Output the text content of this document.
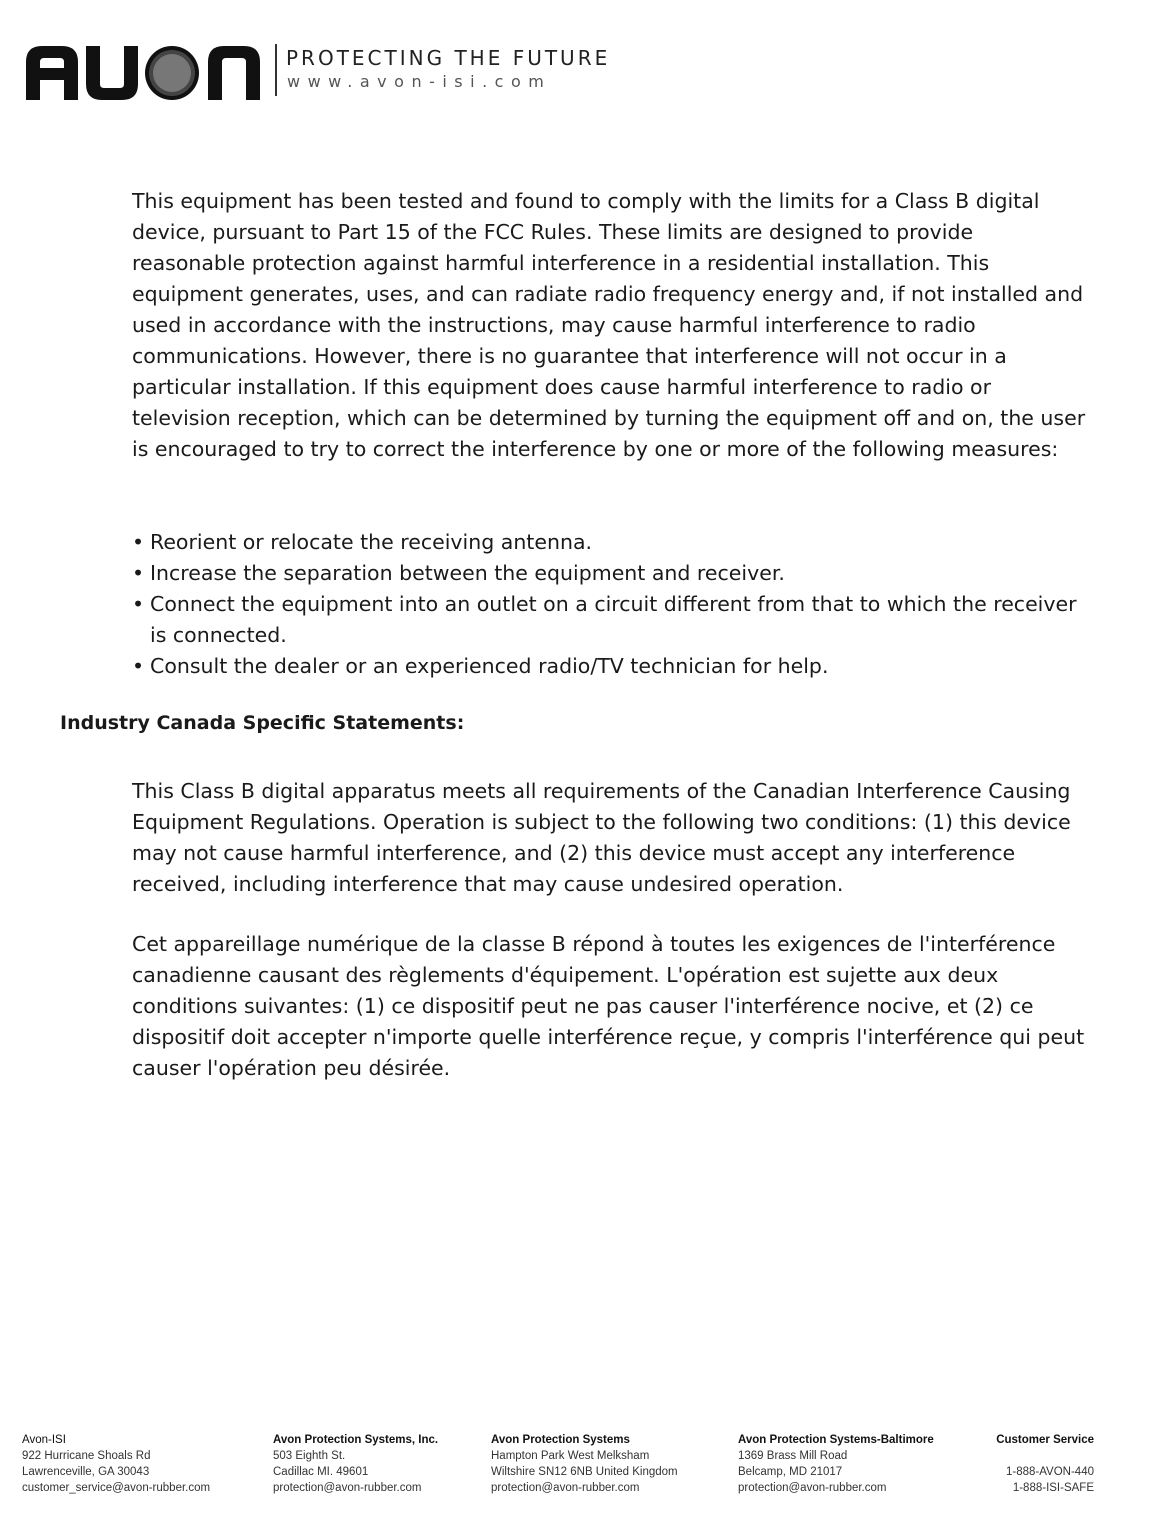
PROTECTING THE FUTURE
www.avon-isi.com

This equipment has been tested and found to comply with the limits for a Class B digital device, pursuant to Part 15 of the FCC Rules. These limits are designed to provide reasonable protection against harmful interference in a residential installation. This equipment generates, uses, and can radiate radio frequency energy and, if not installed and used in accordance with the instructions, may cause harmful interference to radio communications. However, there is no guarantee that interference will not occur in a particular installation. If this equipment does cause harmful interference to radio or television reception, which can be determined by turning the equipment off and on, the user is encouraged to try to correct the interference by one or more of the following measures:

• Reorient or relocate the receiving antenna.
• Increase the separation between the equipment and receiver.
• Connect the equipment into an outlet on a circuit different from that to which the receiver is connected.
• Consult the dealer or an experienced radio/TV technician for help.
Industry Canada Specific Statements:

This Class B digital apparatus meets all requirements of the Canadian Interference Causing Equipment Regulations. Operation is subject to the following two conditions: (1) this device may not cause harmful interference, and (2) this device must accept any interference received, including interference that may cause undesired operation.

Cet appareillage numérique de la classe B répond à toutes les exigences de l'interférence canadienne causant des règlements d'équipement. L'opération est sujette aux deux conditions suivantes: (1) ce dispositif peut ne pas causer l'interférence nocive, et (2) ce dispositif doit accepter n'importe quelle interférence reçue, y compris l'interférence qui peut causer l'opération peu désirée.

Avon-ISI
922 Hurricane Shoals Rd
Lawrenceville, GA 30043
customer_service@avon-rubber.com
Avon Protection Systems, Inc.
503 Eighth St.
Cadillac MI. 49601
protection@avon-rubber.com
Avon Protection Systems
Hampton Park West Melksham
Wiltshire SN12 6NB United Kingdom
protection@avon-rubber.com
Avon Protection Systems-Baltimore
1369 Brass Mill Road
Belcamp, MD 21017
protection@avon-rubber.com
Customer Service
1-888-AVON-440
1-888-ISI-SAFE
